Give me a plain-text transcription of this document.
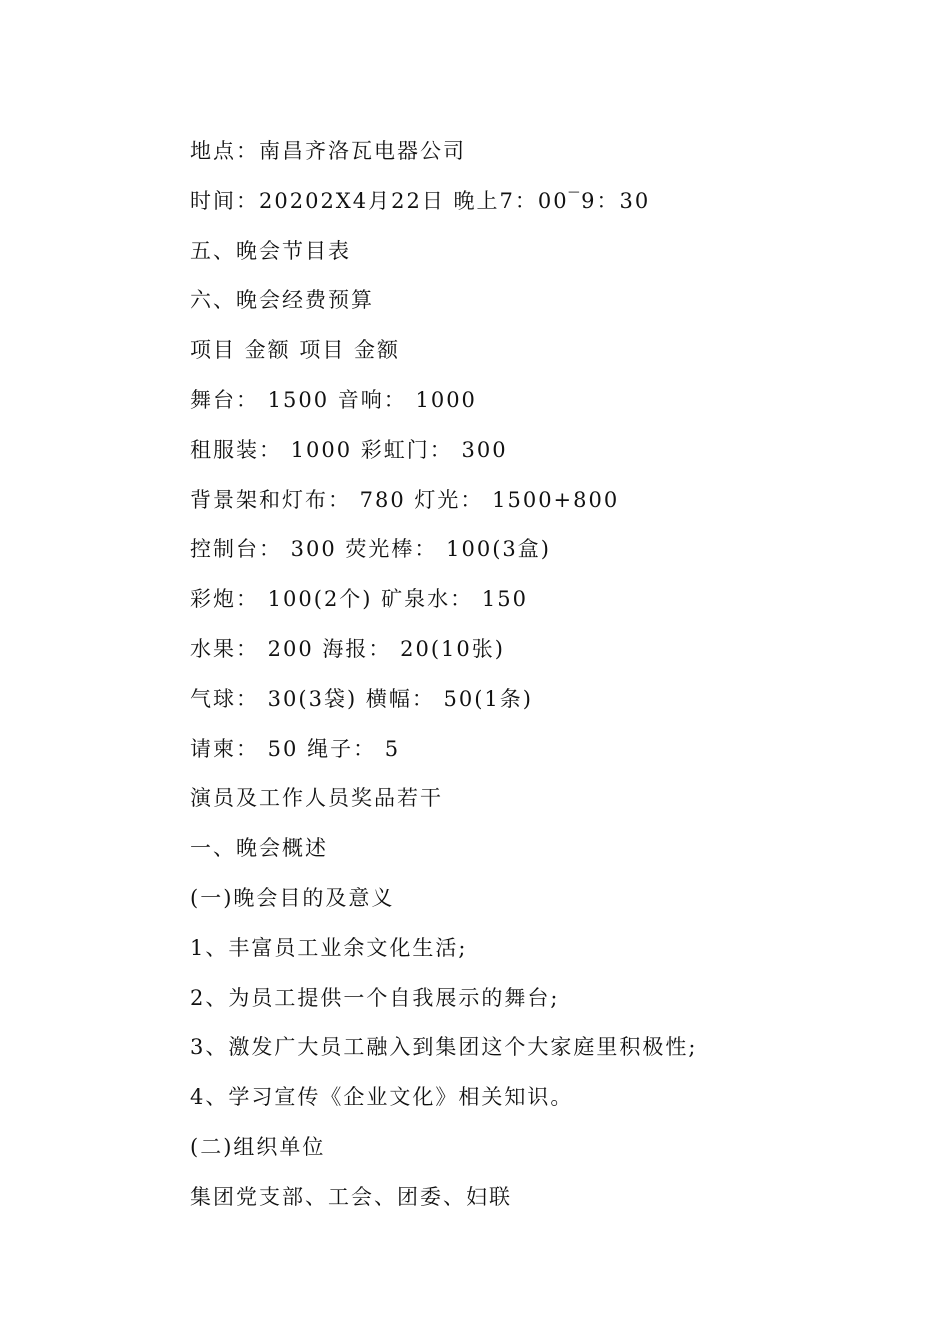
地点：南昌齐洛瓦电器公司
时间：20202X4月22日 晚上7：00‾9：30
五、晚会节目表
六、晚会经费预算
项目 金额 项目 金额
舞台： 1500 音响： 1000
租服装： 1000 彩虹门： 300
背景架和灯布： 780 灯光： 1500+800
控制台： 300 荧光棒： 100(3盒)
彩炮： 100(2个) 矿泉水： 150
水果： 200 海报： 20(10张)
气球： 30(3袋) 横幅： 50(1条)
请柬： 50 绳子： 5
演员及工作人员奖品若干
一、晚会概述
(一)晚会目的及意义
1、丰富员工业余文化生活;
2、为员工提供一个自我展示的舞台;
3、激发广大员工融入到集团这个大家庭里积极性;
4、学习宣传《企业文化》相关知识。
(二)组织单位
集团党支部、工会、团委、妇联
